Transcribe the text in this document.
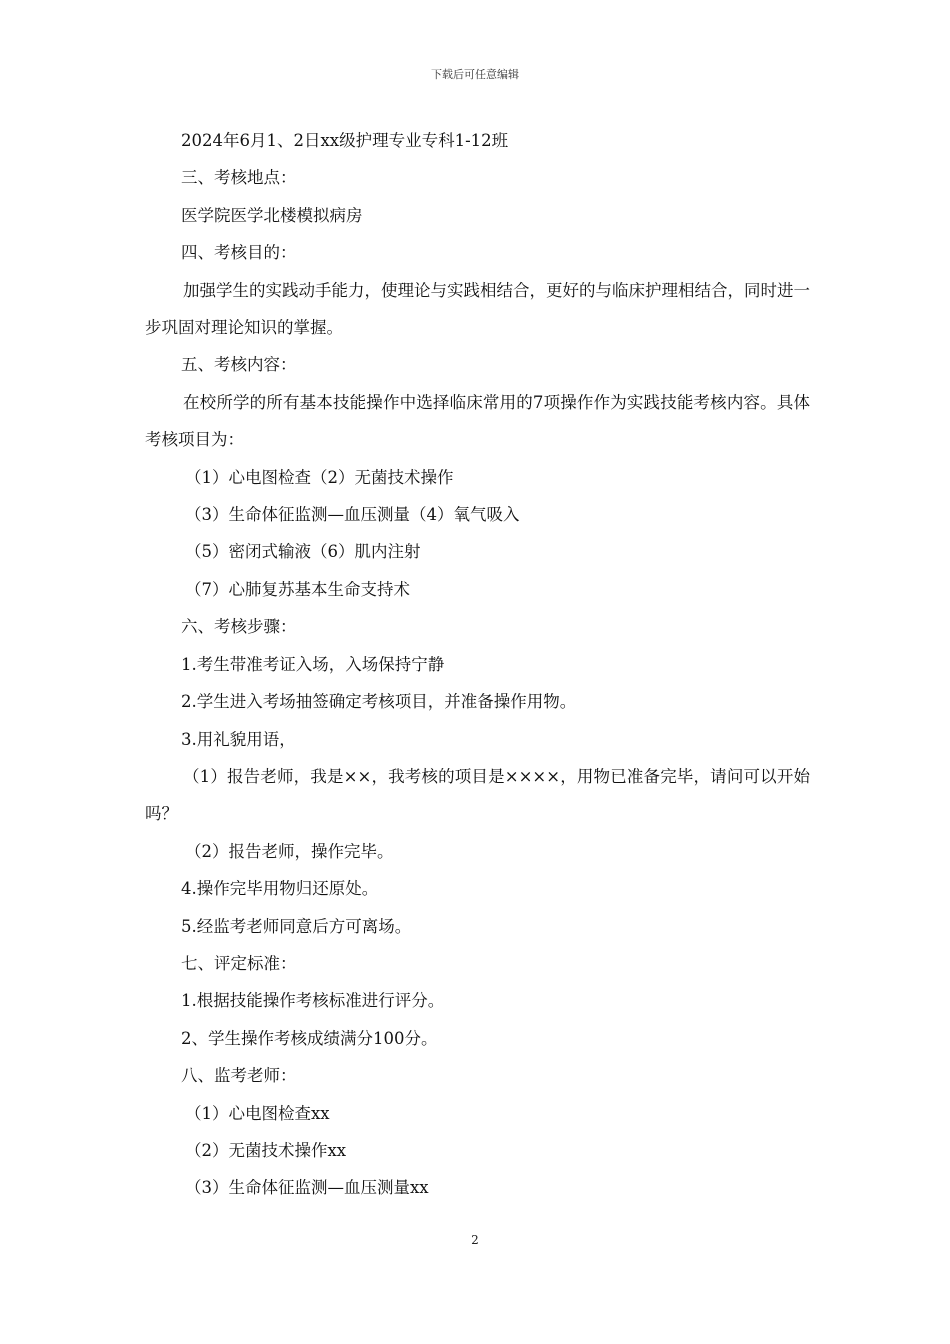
下载后可任意编辑
2024年6月1、2日xx级护理专业专科1-12班
三、考核地点：
医学院医学北楼模拟病房
四、考核目的：
加强学生的实践动手能力，使理论与实践相结合，更好的与临床护理相结合，同时进一步巩固对理论知识的掌握。
五、考核内容：
在校所学的所有基本技能操作中选择临床常用的7项操作作为实践技能考核内容。具体考核项目为：
（1）心电图检查（2）无菌技术操作
（3）生命体征监测—血压测量（4）氧气吸入
（5）密闭式输液（6）肌内注射
（7）心肺复苏基本生命支持术
六、考核步骤：
1.考生带准考证入场，入场保持宁静
2.学生进入考场抽签确定考核项目，并准备操作用物。
3.用礼貌用语，
（1）报告老师，我是××，我考核的项目是××××，用物已准备完毕，请问可以开始吗？
（2）报告老师，操作完毕。
4.操作完毕用物归还原处。
5.经监考老师同意后方可离场。
七、评定标准：
1.根据技能操作考核标准进行评分。
2、学生操作考核成绩满分100分。
八、监考老师：
（1）心电图检查xx
（2）无菌技术操作xx
（3）生命体征监测—血压测量xx
2
